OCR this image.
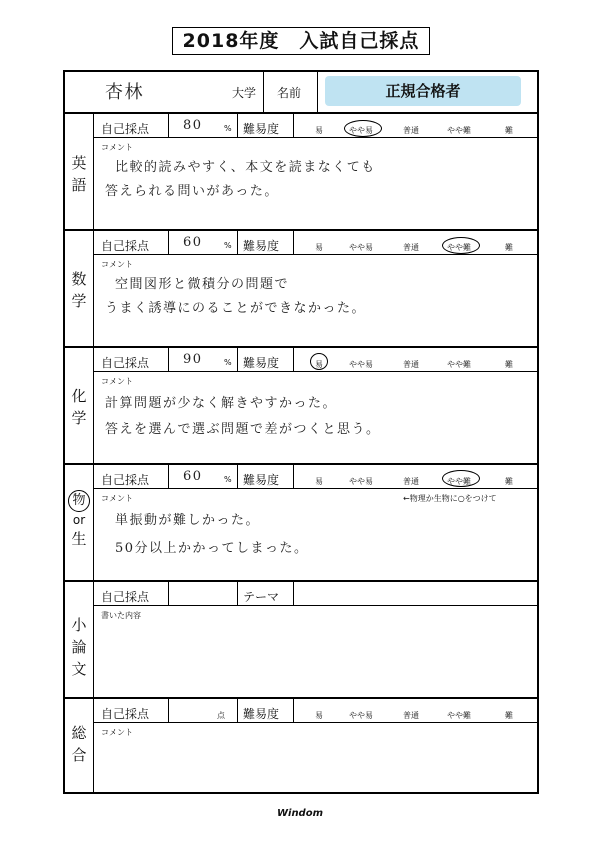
2018年度　入試自己採点
杏林	大学 名前
英語
自己採点	80	% 難易度	易	やや易	普通	やや難	難
コメント
比較的読みやすく、本文を読まなくても
答えられる問いがあった。
数学
自己採点	60	% 難易度	易	やや易	普通	やや難	難
コメント
空間図形と微積分の問題で
うまく誘導にのることができなかった。
化学
自己採点	90	% 難易度	易	やや易	普通	やや難	難
コメント
計算問題が少なく解きやすかった。
答えを選んで選ぶ問題で差がつくと思う。
物
or
生
自己採点	60	% 難易度	易	やや易	普通	やや難	難
コメント	←物理か生物に○をつけて
単振動が難しかった。
50分以上かかってしまった。
小論文
自己採点	テーマ
書いた内容
総合
自己採点	点 難易度	易	やや易	普通	やや難	難
コメント
正規合格者
Windom
